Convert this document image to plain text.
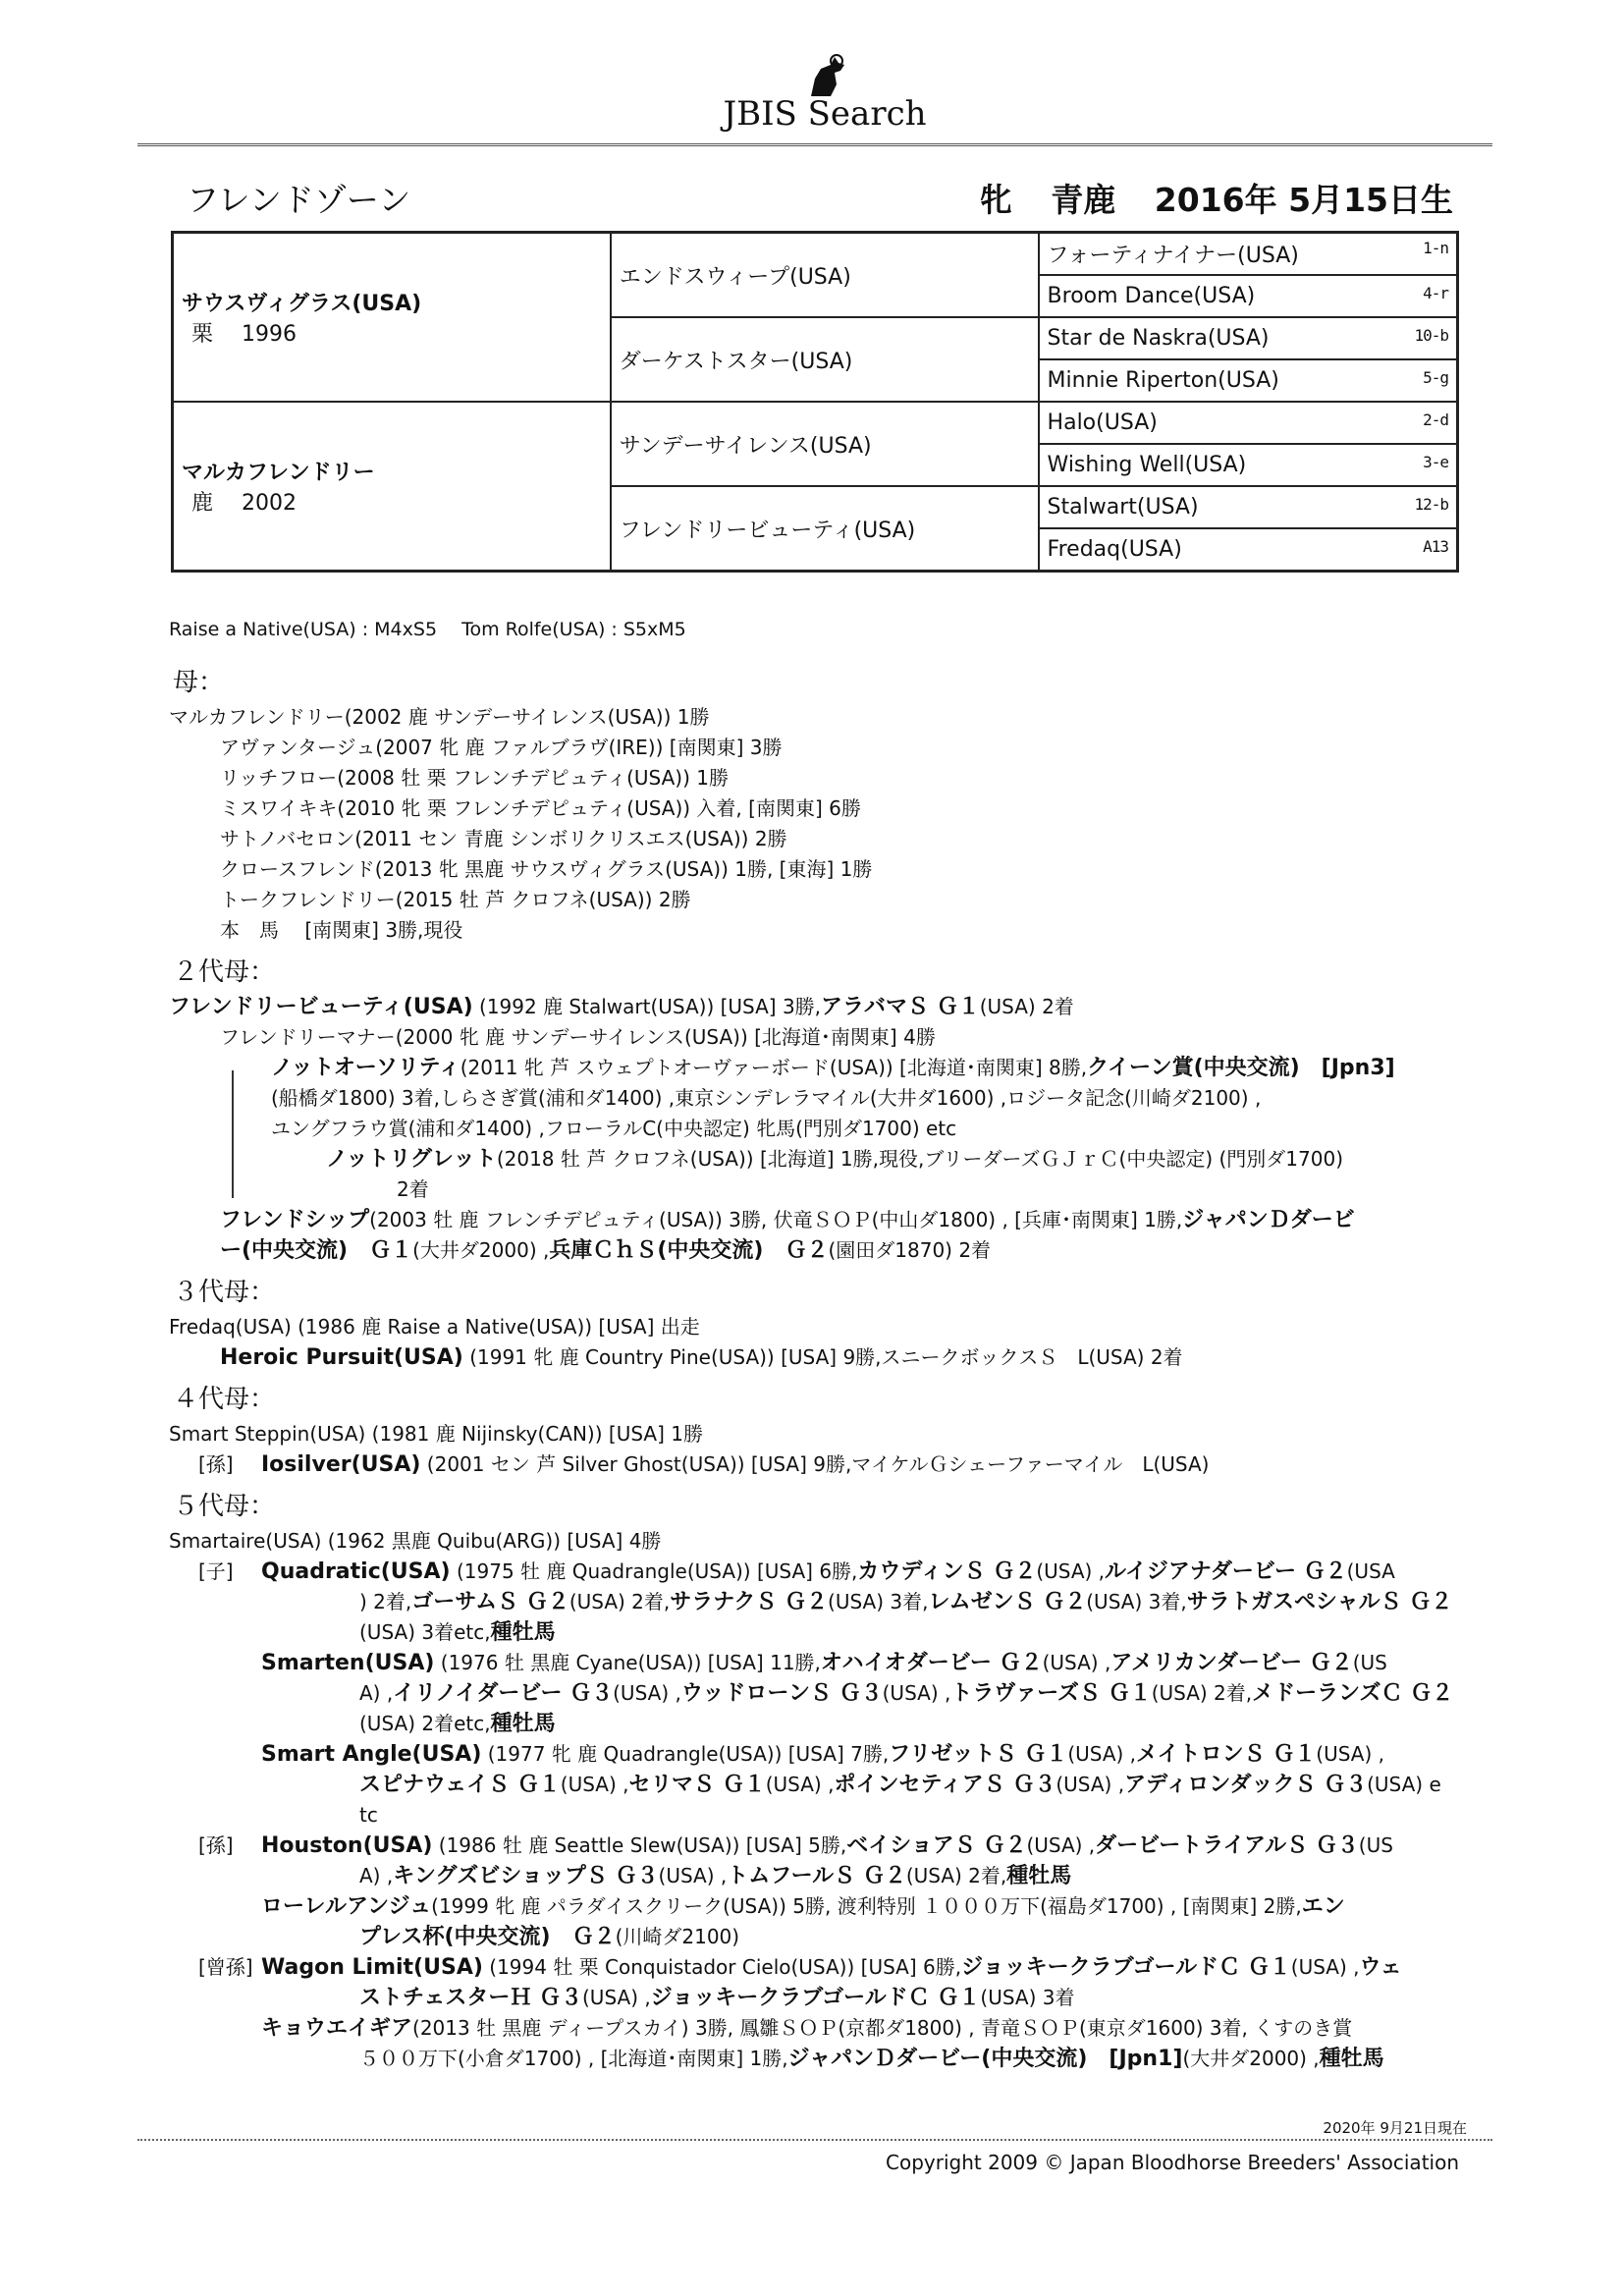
JBIS Search
フレンドゾーン	牝 青鹿 2016年 5月15日生
サウスヴィグラス(USA)
栗　 1996	エンドスウィープ(USA)	フォーティナイナー(USA) 1-n

		Broom Dance(USA) 4-r

	ダーケストスター(USA)	Star de Naskra(USA) 10-b

		Minnie Riperton(USA) 5-g

マルカフレンドリー
鹿　 2002	サンデーサイレンス(USA)	Halo(USA) 2-d

		Wishing Well(USA) 3-e

	フレンドリービューティ(USA)	Stalwart(USA) 12-b

		Fredaq(USA) A13
Raise a Native(USA) : M4xS5　 Tom Rolfe(USA) : S5xM5
母：
マルカフレンドリー(2002 鹿 サンデーサイレンス(USA)) 1勝
アヴァンタージュ(2007 牝 鹿 ファルブラヴ(IRE)) [南関東] 3勝
リッチフロー(2008 牡 栗 フレンチデピュティ(USA)) 1勝
ミスワイキキ(2010 牝 栗 フレンチデピュティ(USA)) 入着, [南関東] 6勝
サトノバセロン(2011 セン 青鹿 シンボリクリスエス(USA)) 2勝
クロースフレンド(2013 牝 黒鹿 サウスヴィグラス(USA)) 1勝, [東海] 1勝
トークフレンドリー(2015 牡 芦 クロフネ(USA)) 2勝
本　馬　 [南関東] 3勝,現役
２代母：
フレンドリービューティ(USA) (1992 鹿 Stalwart(USA)) [USA] 3勝,アラバマＳ Ｇ１(USA) 2着
フレンドリーマナー(2000 牝 鹿 サンデーサイレンス(USA)) [北海道･南関東] 4勝
ノットオーソリティ(2011 牝 芦 スウェプトオーヴァーボード(USA)) [北海道･南関東] 8勝,クイーン賞(中央交流)　[Jpn3]
(船橋ダ1800) 3着,しらさぎ賞(浦和ダ1400) ,東京シンデレラマイル(大井ダ1600) ,ロジータ記念(川崎ダ2100) ,
ユングフラウ賞(浦和ダ1400) ,フローラルC(中央認定) 牝馬(門別ダ1700) etc
ノットリグレット(2018 牡 芦 クロフネ(USA)) [北海道] 1勝,現役,ブリーダーズＧＪｒＣ(中央認定) (門別ダ1700)
2着
フレンドシップ(2003 牡 鹿 フレンチデピュティ(USA)) 3勝, 伏竜ＳＯＰ(中山ダ1800) , [兵庫･南関東] 1勝,ジャパンＤダービ
ー(中央交流)　Ｇ１(大井ダ2000) ,兵庫ＣｈＳ(中央交流)　Ｇ２(園田ダ1870) 2着
３代母：
Fredaq(USA) (1986 鹿 Raise a Native(USA)) [USA] 出走
Heroic Pursuit(USA) (1991 牝 鹿 Country Pine(USA)) [USA] 9勝,スニークボックスＳ　L(USA) 2着
４代母：
Smart Steppin(USA) (1981 鹿 Nijinsky(CAN)) [USA] 1勝
[孫] Iosilver(USA) (2001 セン 芦 Silver Ghost(USA)) [USA] 9勝,マイケルＧシェーファーマイル　L(USA)
５代母：
Smartaire(USA) (1962 黒鹿 Quibu(ARG)) [USA] 4勝
[子] Quadratic(USA) (1975 牡 鹿 Quadrangle(USA)) [USA] 6勝,カウディンＳ Ｇ２(USA) ,ルイジアナダービー Ｇ２(USA
) 2着,ゴーサムＳ Ｇ２(USA) 2着,サラナクＳ Ｇ２(USA) 3着,レムゼンＳ Ｇ２(USA) 3着,サラトガスペシャルＳ Ｇ２
(USA) 3着etc,種牡馬
Smarten(USA) (1976 牡 黒鹿 Cyane(USA)) [USA] 11勝,オハイオダービー Ｇ２(USA) ,アメリカンダービー Ｇ２(US
A) ,イリノイダービー Ｇ３(USA) ,ウッドローンＳ Ｇ３(USA) ,トラヴァーズＳ Ｇ１(USA) 2着,メドーランズＣ Ｇ２
(USA) 2着etc,種牡馬
Smart Angle(USA) (1977 牝 鹿 Quadrangle(USA)) [USA] 7勝,フリゼットＳ Ｇ１(USA) ,メイトロンＳ Ｇ１(USA) ,
スピナウェイＳ Ｇ１(USA) ,セリマＳ Ｇ１(USA) ,ポインセティアＳ Ｇ３(USA) ,アディロンダックＳ Ｇ３(USA) e
tc
[孫] Houston(USA) (1986 牡 鹿 Seattle Slew(USA)) [USA] 5勝,ベイショアＳ Ｇ２(USA) ,ダービートライアルＳ Ｇ３(US
A) ,キングズビショップＳ Ｇ３(USA) ,トムフールＳ Ｇ２(USA) 2着,種牡馬
ローレルアンジュ(1999 牝 鹿 パラダイスクリーク(USA)) 5勝, 渡利特別 １０００万下(福島ダ1700) , [南関東] 2勝,エン
プレス杯(中央交流)　Ｇ２(川崎ダ2100)
[曾孫] Wagon Limit(USA) (1994 牡 栗 Conquistador Cielo(USA)) [USA] 6勝,ジョッキークラブゴールドＣ Ｇ１(USA) ,ウェ
ストチェスターＨ Ｇ３(USA) ,ジョッキークラブゴールドＣ Ｇ１(USA) 3着
キョウエイギア(2013 牡 黒鹿 ディープスカイ) 3勝, 鳳雛ＳＯＰ(京都ダ1800) , 青竜ＳＯＰ(東京ダ1600) 3着, くすのき賞
５００万下(小倉ダ1700) , [北海道･南関東] 1勝,ジャパンＤダービー(中央交流)　[Jpn1](大井ダ2000) ,種牡馬
2020年 9月21日現在
Copyright 2009 © Japan Bloodhorse Breeders' Association
